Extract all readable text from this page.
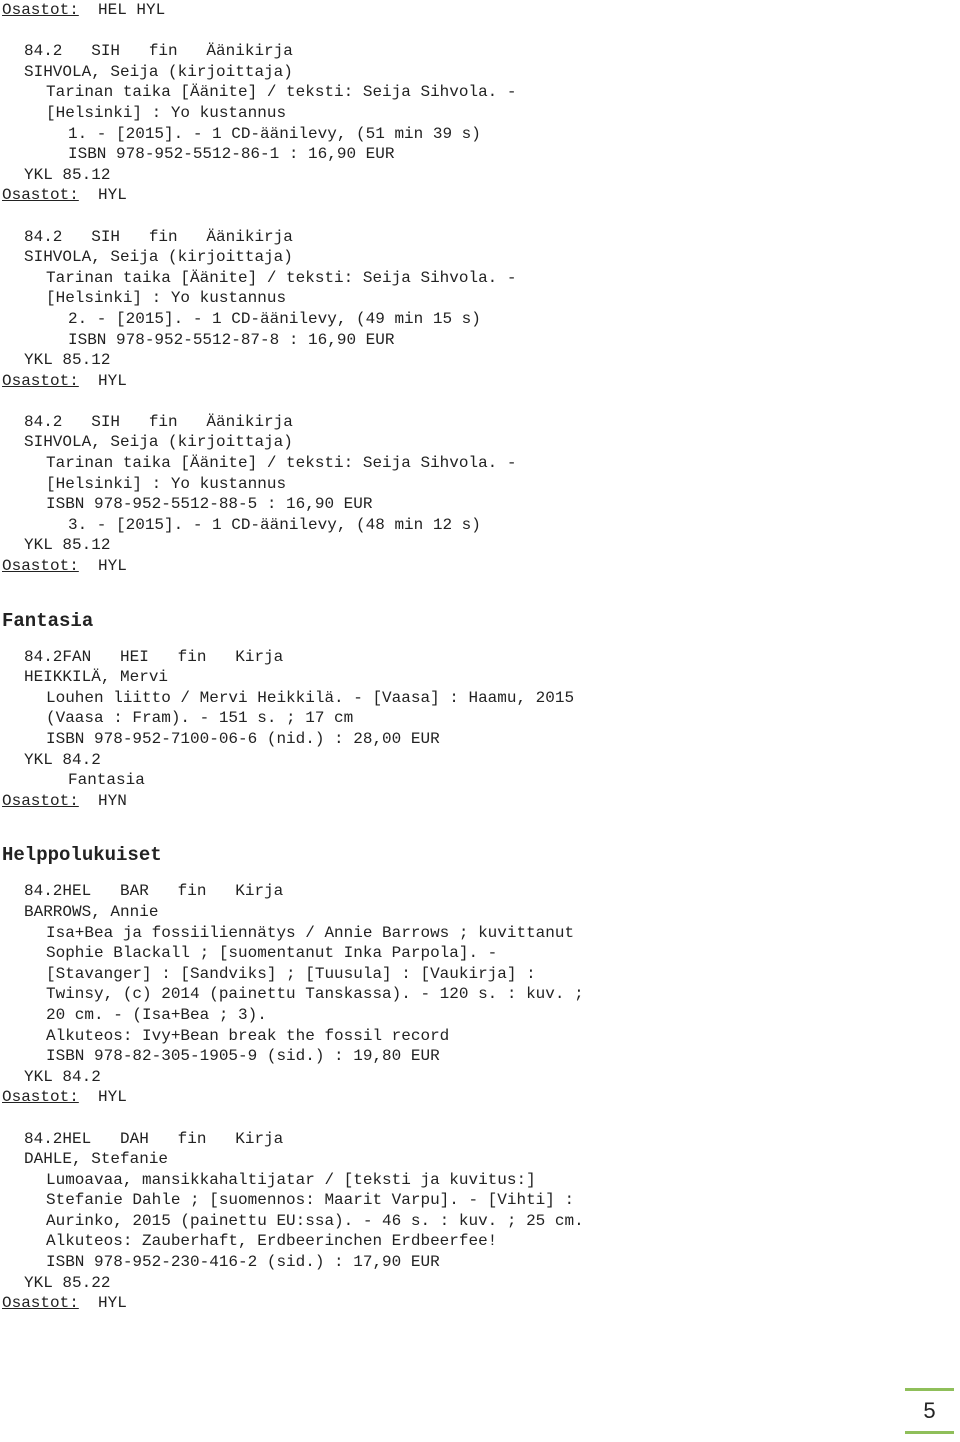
Osastot: HEL HYL
84.2   SIH   fin   Äänikirja
SIHVOLA, Seija (kirjoittaja)
Tarinan taika [Äänite] / teksti: Seija Sihvola. -
[Helsinki] : Yo kustannus
1. - [2015]. - 1 CD-äänilevy, (51 min 39 s)
ISBN 978-952-5512-86-1 : 16,90 EUR
YKL 85.12
Osastot: HYL
84.2   SIH   fin   Äänikirja
SIHVOLA, Seija (kirjoittaja)
Tarinan taika [Äänite] / teksti: Seija Sihvola. -
[Helsinki] : Yo kustannus
2. - [2015]. - 1 CD-äänilevy, (49 min 15 s)
ISBN 978-952-5512-87-8 : 16,90 EUR
YKL 85.12
Osastot: HYL
84.2   SIH   fin   Äänikirja
SIHVOLA, Seija (kirjoittaja)
Tarinan taika [Äänite] / teksti: Seija Sihvola. -
[Helsinki] : Yo kustannus
ISBN 978-952-5512-88-5 : 16,90 EUR
3. - [2015]. - 1 CD-äänilevy, (48 min 12 s)
YKL 85.12
Osastot: HYL
Fantasia
84.2FAN   HEI   fin   Kirja
HEIKKILÄ, Mervi
Louhen liitto / Mervi Heikkilä. - [Vaasa] : Haamu, 2015
(Vaasa : Fram). - 151 s. ; 17 cm
ISBN 978-952-7100-06-6 (nid.) : 28,00 EUR
YKL 84.2
Fantasia
Osastot: HYN
Helppolukuiset
84.2HEL   BAR   fin   Kirja
BARROWS, Annie
Isa+Bea ja fossiiliennätys / Annie Barrows ; kuvittanut
Sophie Blackall ; [suomentanut Inka Parpola]. -
[Stavanger] : [Sandviks] ; [Tuusula] : [Vaukirja] :
Twinsy, (c) 2014 (painettu Tanskassa). - 120 s. : kuv. ;
20 cm. - (Isa+Bea ; 3).
Alkuteos: Ivy+Bean break the fossil record
ISBN 978-82-305-1905-9 (sid.) : 19,80 EUR
YKL 84.2
Osastot: HYL
84.2HEL   DAH   fin   Kirja
DAHLE, Stefanie
Lumoavaa, mansikkahaltijatar / [teksti ja kuvitus:]
Stefanie Dahle ; [suomennos: Maarit Varpu]. - [Vihti] :
Aurinko, 2015 (painettu EU:ssa). - 46 s. : kuv. ; 25 cm.
Alkuteos: Zauberhaft, Erdbeerinchen Erdbeerfee!
ISBN 978-952-230-416-2 (sid.) : 17,90 EUR
YKL 85.22
Osastot: HYL
5
